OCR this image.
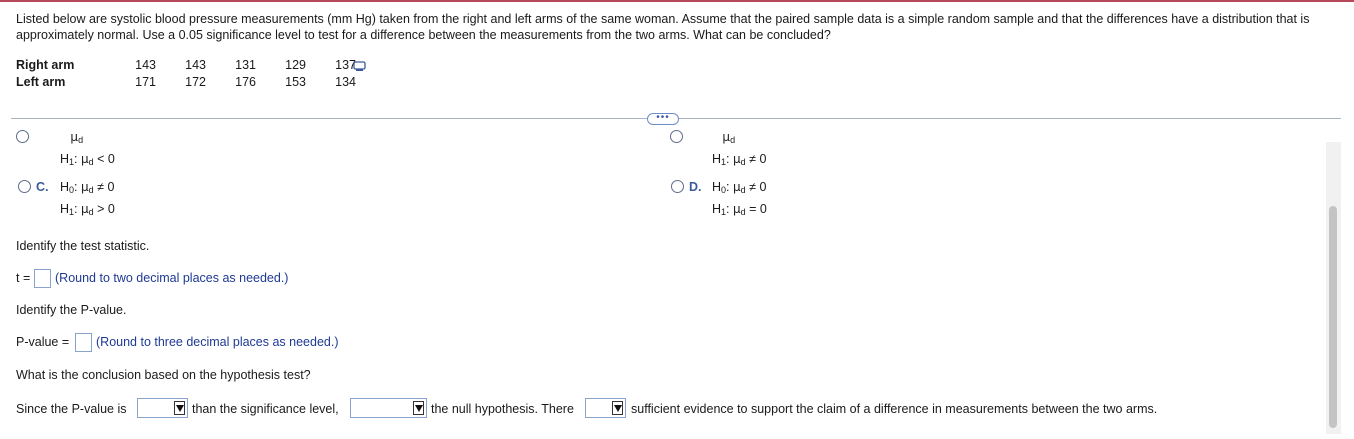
Listed below are systolic blood pressure measurements (mm Hg) taken from the right and left arms of the same woman. Assume that the paired sample data is a simple random sample and that the differences have a distribution that is approximately normal. Use a 0.05 significance level to test for a difference between the measurements from the two arms. What can be concluded?
Right arm	143	143	131	129	137
Left arm	171	172	176	153	134
•••
$\mu_d$
$H_1$: $\mu_d < 0$
$\mu_d$
$H_1$: $\mu_d \ne 0$
C. $H_0$: $\mu_d \ne 0$
$H_1$: $\mu_d > 0$
D. $H_0$: $\mu_d \ne 0$
$H_1$: $\mu_d = 0$
Identify the test statistic.
t = (Round to two decimal places as needed.)
Identify the P-value.
P-value = (Round to three decimal places as needed.)
What is the conclusion based on the hypothesis test?
Since the P-value is	than the significance level,	the null hypothesis. There	sufficient evidence to support the claim of a difference in measurements between the two arms.
